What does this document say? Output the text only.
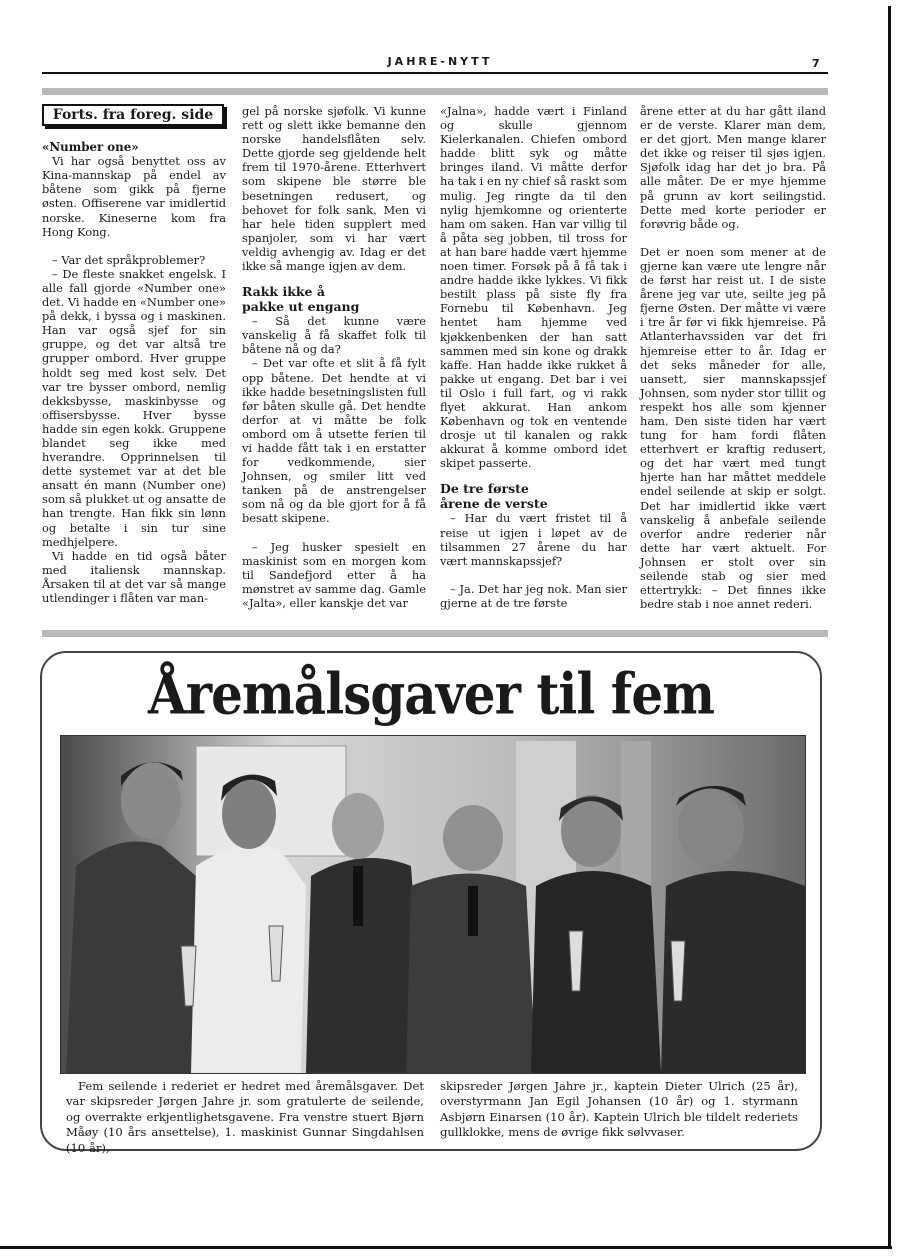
JAHRE-NYTT	7
Forts. fra foreg. side
«Number one»

Vi har også benyttet oss av Kina-mannskap på endel av båtene som gikk på fjerne østen. Offiserene var imidlertid norske. Kineserne kom fra Hong Kong.

– Var det språkproblemer?

– De fleste snakket engelsk. I alle fall gjorde «Number one» det. Vi hadde en «Number one» på dekk, i byssa og i maskinen. Han var også sjef for sin gruppe, og det var altså tre grupper ombord. Hver gruppe holdt seg med kost selv. Det var tre bysser ombord, nemlig dekksbysse, maskinbysse og offisersbysse. Hver bysse hadde sin egen kokk. Gruppene blandet seg ikke med hverandre. Opprinnelsen til dette systemet var at det ble ansatt én mann (Number one) som så plukket ut og ansatte de han trengte. Han fikk sin lønn og betalte i sin tur sine medhjelpere.

Vi hadde en tid også båter med italiensk mannskap. Årsaken til at det var så mange utlendinger i flåten var man-

gel på norske sjøfolk. Vi kunne rett og slett ikke bemanne den norske handelsflåten selv. Dette gjorde seg gjeldende helt frem til 1970-årene. Etterhvert som skipene ble større ble besetningen redusert, og behovet for folk sank. Men vi har hele tiden supplert med spanjoler, som vi har vært veldig avhengig av. Idag er det ikke så mange igjen av dem.

Rakk ikke å
pakke ut engang

– Så det kunne være vanskelig å få skaffet folk til båtene nå og da?

– Det var ofte et slit å få fylt opp båtene. Det hendte at vi ikke hadde besetningslisten full før båten skulle gå. Det hendte derfor at vi måtte be folk ombord om å utsette ferien til vi hadde fått tak i en erstatter for vedkommende, sier Johnsen, og smiler litt ved tanken på de anstrengelser som nå og da ble gjort for å få besatt skipene.

– Jeg husker spesielt en maskinist som en morgen kom til Sandefjord etter å ha mønstret av samme dag. Gamle «Jalta», eller kanskje det var

«Jalna», hadde vært i Finland og skulle gjennom Kielerkanalen. Chiefen ombord hadde blitt syk og måtte bringes iland. Vi måtte derfor ha tak i en ny chief så raskt som mulig. Jeg ringte da til den nylig hjemkomne og orienterte ham om saken. Han var villig til å påta seg jobben, til tross for at han bare hadde vært hjemme noen timer. Forsøk på å få tak i andre hadde ikke lykkes. Vi fikk bestilt plass på siste fly fra Fornebu til København. Jeg hentet ham hjemme ved kjøkkenbenken der han satt sammen med sin kone og drakk kaffe. Han hadde ikke rukket å pakke ut engang. Det bar i vei til Oslo i full fart, og vi rakk flyet akkurat. Han ankom København og tok en ventende drosje ut til kanalen og rakk akkurat å komme ombord idet skipet passerte.

De tre første
årene de verste

– Har du vært fristet til å reise ut igjen i løpet av de tilsammen 27 årene du har vært mannskapssjef?

– Ja. Det har jeg nok. Man sier gjerne at de tre første

årene etter at du har gått iland er de verste. Klarer man dem, er det gjort. Men mange klarer det ikke og reiser til sjøs igjen. Sjøfolk idag har det jo bra. På alle måter. De er mye hjemme på grunn av kort seilingstid. Dette med korte perioder er forøvrig både og.

Det er noen som mener at de gjerne kan være ute lengre når de først har reist ut. I de siste årene jeg var ute, seilte jeg på fjerne Østen. Der måtte vi være i tre år før vi fikk hjemreise. På Atlanterhavssiden var det fri hjemreise etter to år. Idag er det seks måneder for alle, uansett, sier mannskapssjef Johnsen, som nyder stor tillit og respekt hos alle som kjenner ham. Den siste tiden har vært tung for ham fordi flåten etterhvert er kraftig redusert, og det har vært med tungt hjerte han har måttet meddele endel seilende at skip er solgt. Det har imidlertid ikke vært vanskelig å anbefale seilende overfor andre rederier når dette har vært aktuelt. For Johnsen er stolt over sin seilende stab og sier med ettertrykk: – Det finnes ikke bedre stab i noe annet rederi.

Åremålsgaver til fem
Fem seilende i rederiet er hedret med åremålsgaver. Det var skipsreder Jørgen Jahre jr. som gratulerte de seilende, og overrakte erkjentlighetsgavene. Fra venstre stuert Bjørn Måøy (10 års ansettelse), 1. maskinist Gunnar Singdahlsen (10 år),
skipsreder Jørgen Jahre jr., kaptein Dieter Ulrich (25 år), overstyrmann Jan Egil Johansen (10 år) og 1. styrmann Asbjørn Einarsen (10 år). Kaptein Ulrich ble tildelt rederiets gullklokke, mens de øvrige fikk sølvvaser.
